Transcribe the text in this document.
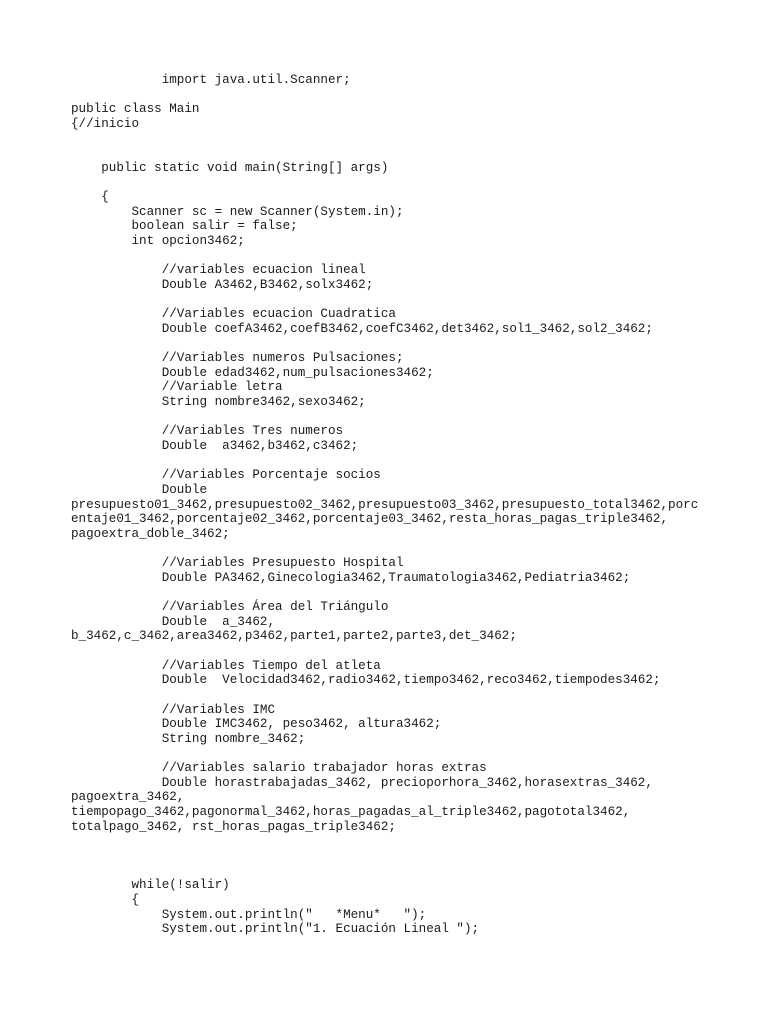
import java.util.Scanner;
public class Main
{//inicio
public static void main(String[] args)
{
Scanner sc = new Scanner(System.in);
boolean salir = false;
int opcion3462;
//variables ecuacion lineal
Double A3462,B3462,solx3462;
//Variables ecuacion Cuadratica
Double coefA3462,coefB3462,coefC3462,det3462,sol1_3462,sol2_3462;
//Variables numeros Pulsaciones;
Double edad3462,num_pulsaciones3462;
//Variable letra
String nombre3462,sexo3462;
//Variables Tres numeros
Double  a3462,b3462,c3462;
//Variables Porcentaje socios
Double
presupuesto01_3462,presupuesto02_3462,presupuesto03_3462,presupuesto_total3462,porc
entaje01_3462,porcentaje02_3462,porcentaje03_3462,resta_horas_pagas_triple3462,
pagoextra_doble_3462;
//Variables Presupuesto Hospital
Double PA3462,Ginecologia3462,Traumatologia3462,Pediatria3462;
//Variables Área del Triángulo
Double  a_3462,
b_3462,c_3462,area3462,p3462,parte1,parte2,parte3,det_3462;
//Variables Tiempo del atleta
Double  Velocidad3462,radio3462,tiempo3462,reco3462,tiempodes3462;
//Variables IMC
Double IMC3462, peso3462, altura3462;
String nombre_3462;
//Variables salario trabajador horas extras
Double horastrabajadas_3462, precioporhora_3462,horasextras_3462,
pagoextra_3462,
tiempopago_3462,pagonormal_3462,horas_pagadas_al_triple3462,pagototal3462,
totalpago_3462, rst_horas_pagas_triple3462;
while(!salir)
{
System.out.println("   *Menu*   ");
System.out.println("1. Ecuación Lineal ");
